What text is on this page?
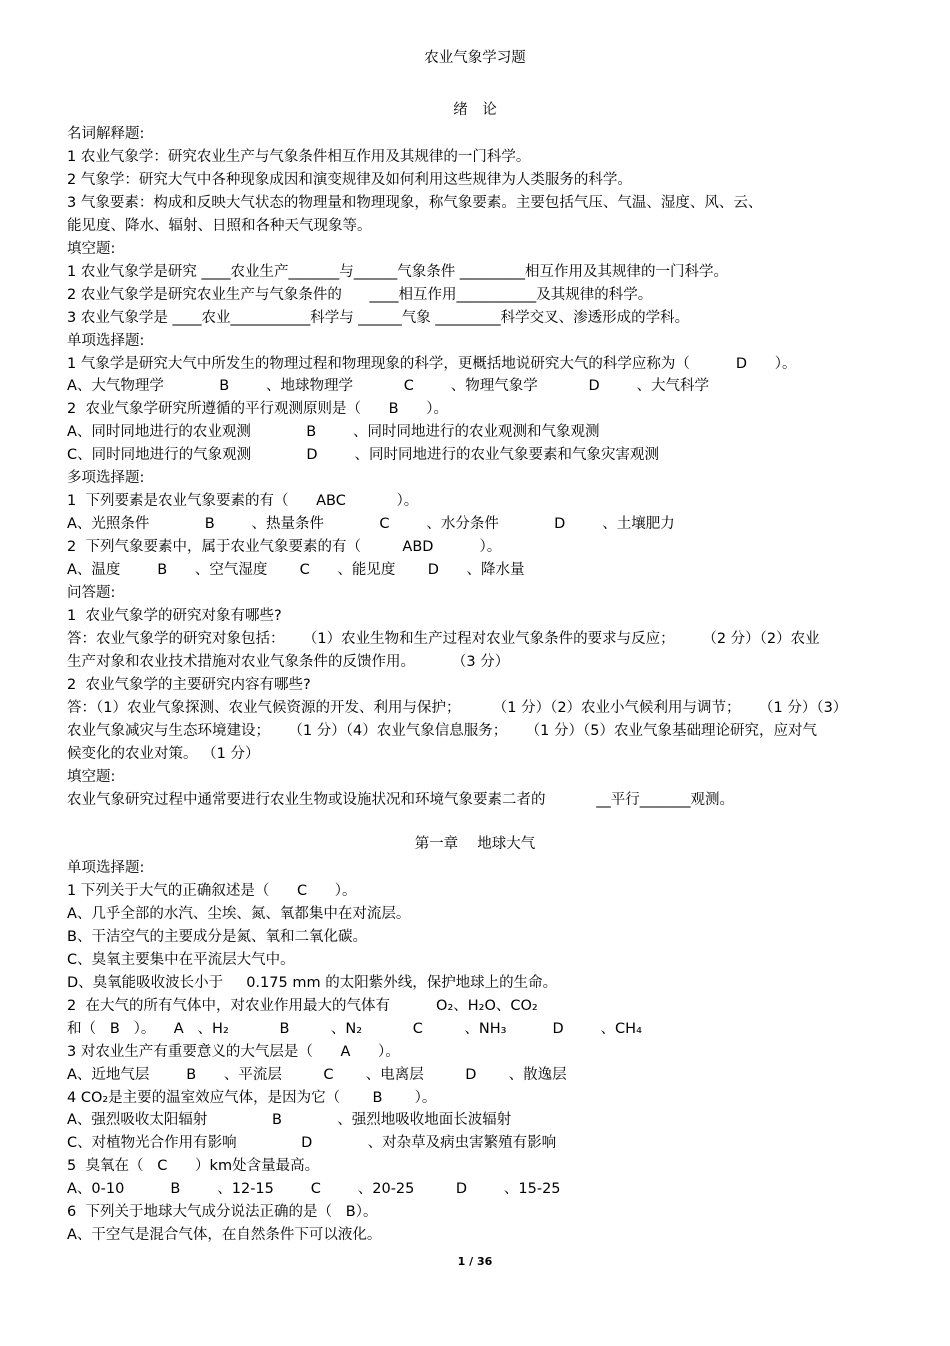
农业气象学习题
绪　论
名词解释题:
1 农业气象学：研究农业生产与气象条件相互作用及其规律的一门科学。
2 气象学：研究大气中各种现象成因和演变规律及如何利用这些规律为人类服务的科学。
3 气象要素：构成和反映大气状态的物理量和物理现象，称气象要素。主要包括气压、气温、湿度、风、云、
能见度、降水、辐射、日照和各种天气现象等。
填空题:
1 农业气象学是研究 ____农业生产_______与______气象条件 _________相互作用及其规律的一门科学。
2 农业气象学是研究农业生产与气象条件的      ____相互作用___________及其规律的科学。
3 农业气象学是 ____农业___________科学与 ______气象 _________科学交叉、渗透形成的学科。
单项选择题:
1 气象学是研究大气中所发生的物理过程和物理现象的科学，更概括地说研究大气的科学应称为（          D      ）。
A、大气物理学            B        、地球物理学           C        、物理气象学           D        、大气科学
2  农业气象学研究所遵循的平行观测原则是（      B      ）。
A、同时同地进行的农业观测            B        、同时同地进行的农业观测和气象观测
C、同时同地进行的气象观测            D        、同时同地进行的农业气象要素和气象灾害观测
多项选择题:
1  下列要素是农业气象要素的有（      ABC           ）。
A、光照条件            B        、热量条件            C        、水分条件            D        、土壤肥力
2  下列气象要素中，属于农业气象要素的有（         ABD          ）。
A、温度        B      、空气湿度       C      、能见度       D      、降水量
问答题:
1  农业气象学的研究对象有哪些?
答：农业气象学的研究对象包括：    （1）农业生物和生产过程对农业气象条件的要求与反应；      （2 分）（2）农业
生产对象和农业技术措施对农业气象条件的反馈作用。        （3 分）
2  农业气象学的主要研究内容有哪些?
答：（1）农业气象探测、农业气候资源的开发、利用与保护；       （1 分）（2）农业小气候利用与调节；    （1 分）（3）
农业气象减灾与生态环境建设；    （1 分）（4）农业气象信息服务；    （1 分）（5）农业气象基础理论研究，应对气
候变化的农业对策。 （1 分）
填空题:
农业气象研究过程中通常要进行农业生物或设施状况和环境气象要素二者的           __平行_______观测。
第一章　 地球大气
单项选择题:
1 下列关于大气的正确叙述是（      C      ）。
A、几乎全部的水汽、尘埃、氮、氧都集中在对流层。
B、干洁空气的主要成分是氮、氧和二氧化碳。
C、臭氧主要集中在平流层大气中。
D、臭氧能吸收波长小于     0.175 mm 的太阳紫外线，保护地球上的生命。
2  在大气的所有气体中，对农业作用最大的气体有          O₂、H₂O、CO₂
和（   B   ）。    A   、H₂           B         、N₂           C         、NH₃          D        、CH₄
3 对农业生产有重要意义的大气层是（      A      ）。
A、近地气层        B      、平流层         C       、电离层         D       、散逸层
4 CO₂是主要的温室效应气体，是因为它（       B       ）。
A、强烈吸收太阳辐射              B            、强烈地吸收地面长波辐射
C、对植物光合作用有影响              D            、对杂草及病虫害繁殖有影响
5  臭氧在（   C      ）km处含量最高。
A、0-10          B        、12-15        C        、20-25         D        、15-25
6  下列关于地球大气成分说法正确的是（   B）。
A、干空气是混合气体，在自然条件下可以液化。
1 / 36
